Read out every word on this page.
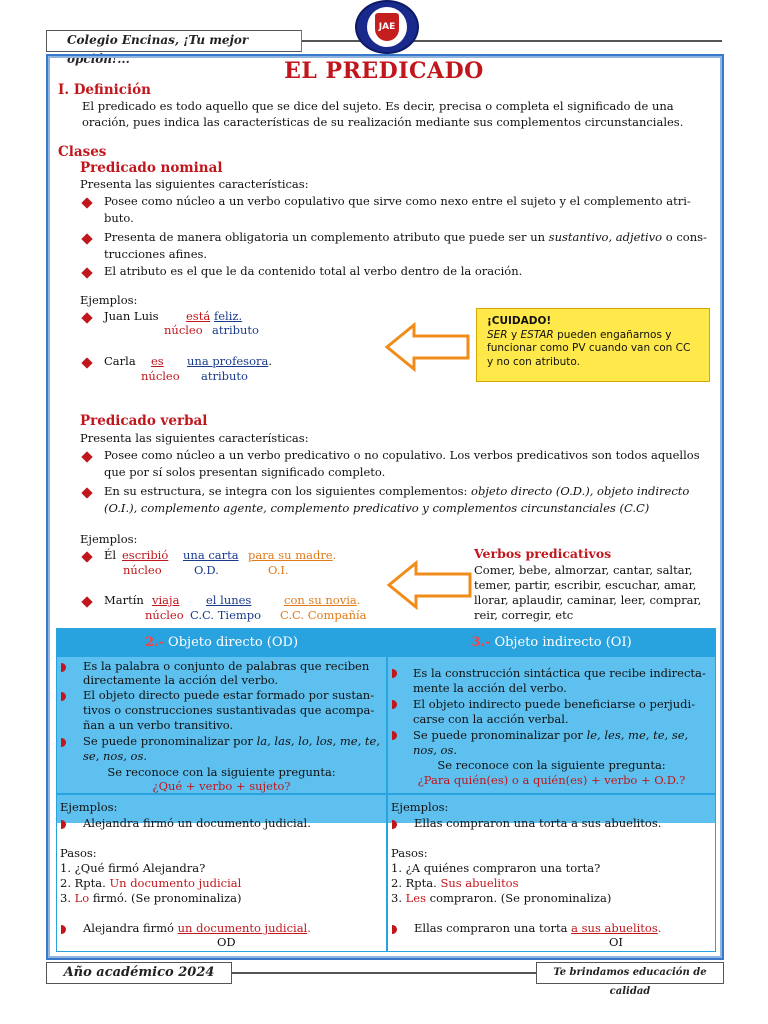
Colegio Encinas, ¡Tu mejor opción!...
JAE
EL PREDICADO
I. Definición
El predicado es todo aquello que se dice del sujeto. Es decir, precisa o completa el significado de una
oración, pues indica las características de su realización mediante sus complementos circunstanciales.
Clases
Predicado nominal
Presenta las siguientes características:
Posee como núcleo a un verbo copulativo que sirve como nexo entre el sujeto y el complemento atri-
buto.
Presenta de manera obligatoria un complemento atributo que puede ser un sustantivo, adjetivo o cons-
trucciones afines.
El atributo es el que le da contenido total al verbo dentro de la oración.
Ejemplos:
Juan Luis está feliz.
núcleo atributo
Carla es una profesora.
núcleo atributo
¡CUIDADO!
SER y ESTAR pueden engañarnos y
funcionar como PV cuando van con CC
y no con atributo.
Predicado verbal
Presenta las siguientes características:
Posee como núcleo a un verbo predicativo o no copulativo. Los verbos predicativos son todos aquellos
que por sí solos presentan significado completo.
En su estructura, se integra con los siguientes complementos: objeto directo (O.D.), objeto indirecto
(O.I.), complemento agente, complemento predicativo y complementos circunstanciales (C.C)
Ejemplos:
Él escribió una carta para su madre.
núcleo	O.D.	O.I.
Martín viaja el lunes	con su novia.
núcleo C.C. Tiempo C.C. Compañía
Verbos predicativos
Comer, bebe, almorzar, cantar, saltar,
temer, partir, escribir, escuchar, amar,
llorar, aplaudir, caminar, leer, comprar,
reir, corregir, etc
2.- Objeto directo (OD)	3.- Objeto indirecto (OI)
Es la palabra o conjunto de palabras que reciben
directamente la acción del verbo.
El objeto directo puede estar formado por sustan-
tivos o construcciones sustantivadas que acompa-
ñan a un verbo transitivo.
Se puede pronominalizar por la, las, lo, los, me, te,
se, nos, os.
Se reconoce con la siguiente pregunta:
¿Qué + verbo + sujeto?
Es la construcción sintáctica que recibe indirecta-
mente la acción del verbo.
El objeto indirecto puede beneficiarse o perjudi-
carse con la acción verbal.
Se puede pronominalizar por le, les, me, te, se,
nos, os.
Se reconoce con la siguiente pregunta:
¿Para quién(es) o a quién(es) + verbo + O.D.?
Ejemplos:
Alejandra firmó un documento judicial.
Pasos:
1. ¿Qué firmó Alejandra?
2. Rpta. Un documento judicial
3. Lo firmó. (Se pronominaliza)
Alejandra firmó un documento judicial.
OD
Ejemplos:
Ellas compraron una torta a sus abuelitos.
Pasos:
1. ¿A quiénes compraron una torta?
2. Rpta. Sus abuelitos
3. Les compraron. (Se pronominaliza)
Ellas compraron una torta a sus abuelitos.
OI
Año académico 2024	Te brindamos educación de calidad
